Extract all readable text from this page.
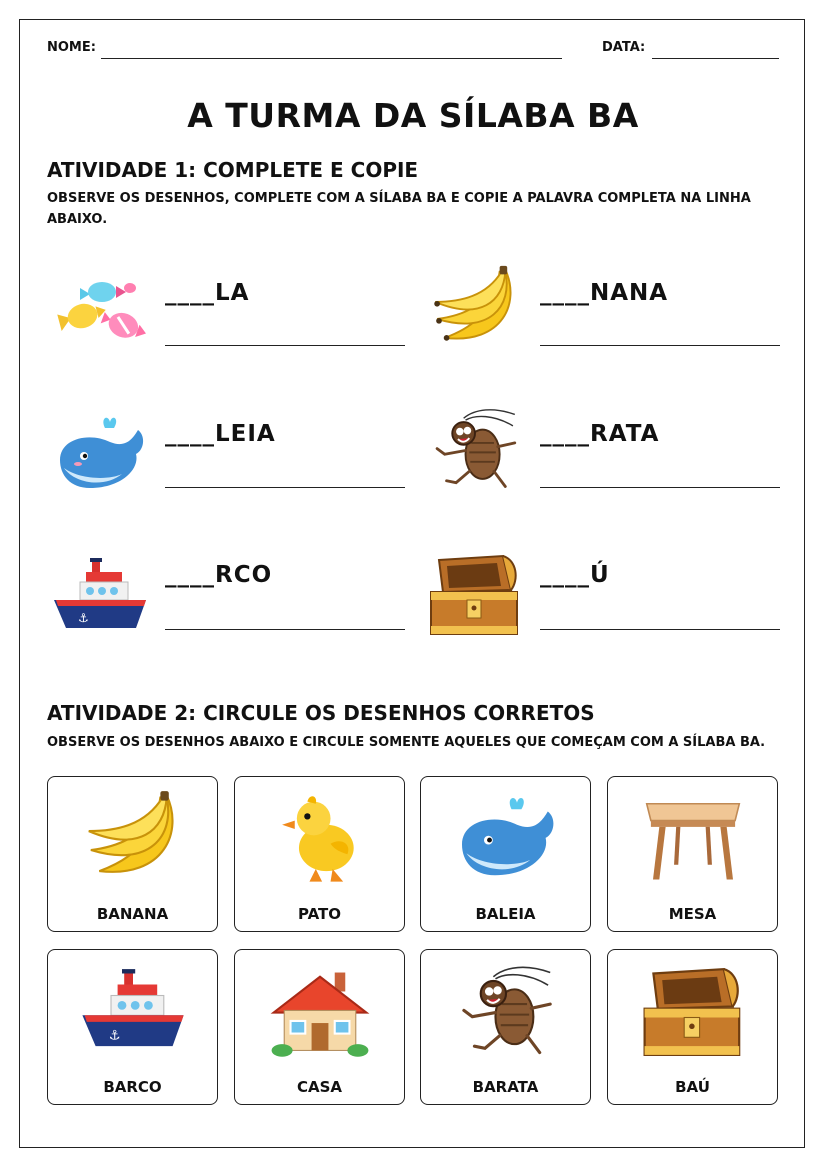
NOME:	DATA:
A TURMA DA SÍLABA BA
ATIVIDADE 1: COMPLETE E COPIE
OBSERVE OS DESENHOS, COMPLETE COM A SÍLABA BA E COPIE A PALAVRA COMPLETA NA LINHA ABAIXO.
____LA	____NANA
____LEIA	____RATA
⚓
____RCO	____Ú
ATIVIDADE 2: CIRCULE OS DESENHOS CORRETOS
OBSERVE OS DESENHOS ABAIXO E CIRCULE SOMENTE AQUELES QUE COMEÇAM COM A SÍLABA BA.
BANANA	PATO	BALEIA	MESA
⚓
BARCO	CASA	BARATA	BAÚ
